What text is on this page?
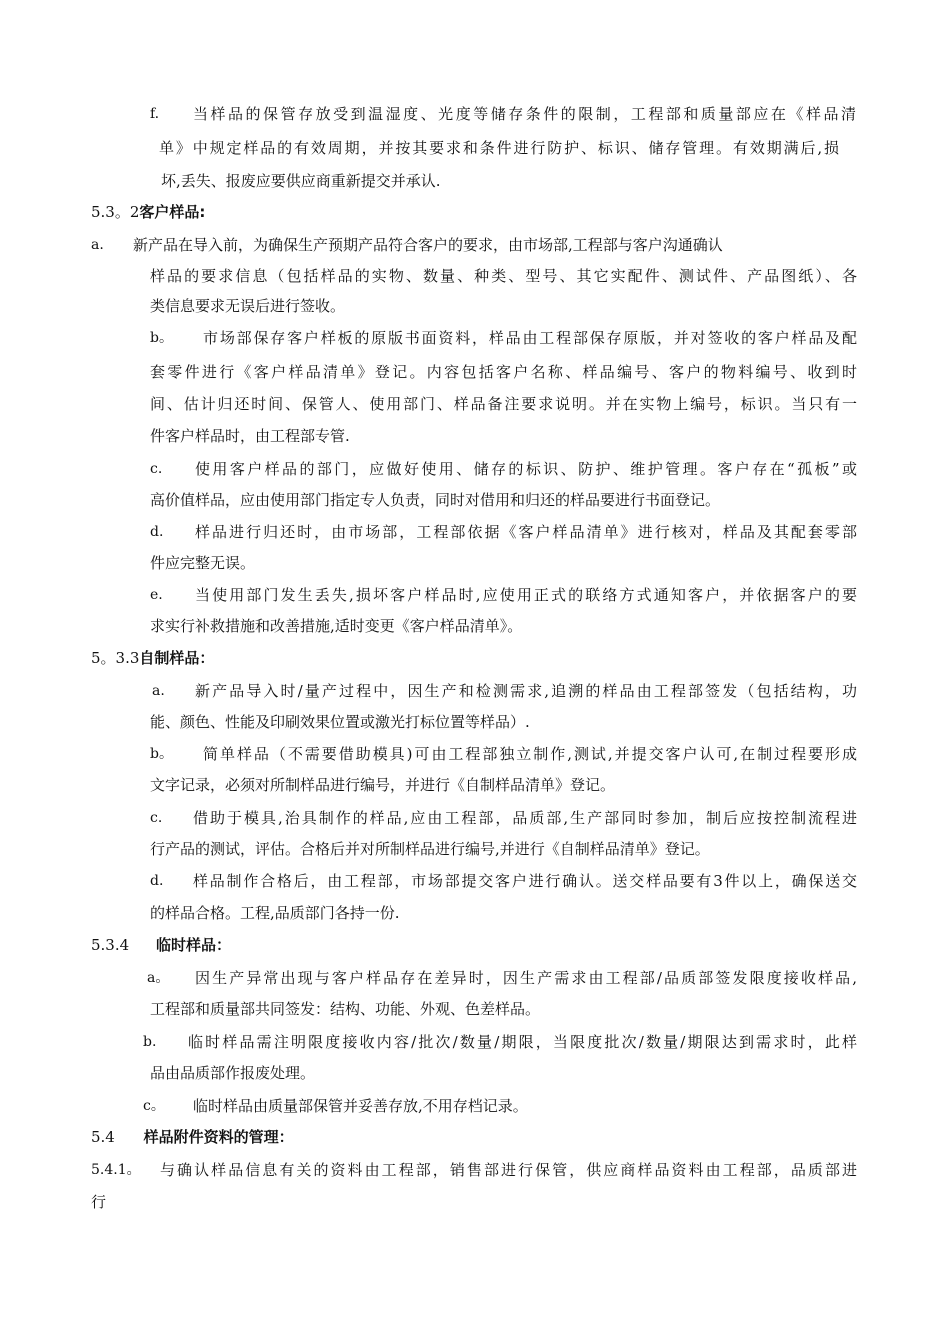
f. 当样品的保管存放受到温湿度、光度等储存条件的限制，工程部和质量部应在《样品清
单》中规定样品的有效周期，并按其要求和条件进行防护、标识、储存管理。有效期满后,损
坏,丢失、报废应要供应商重新提交并承认.
5.3。2客户样品:
a. 新产品在导入前，为确保生产预期产品符合客户的要求，由市场部,工程部与客户沟通确认
样品的要求信息（包括样品的实物、数量、种类、型号、其它实配件、测试件、产品图纸）、各
类信息要求无误后进行签收。
b。 市场部保存客户样板的原版书面资料，样品由工程部保存原版，并对签收的客户样品及配
套零件进行《客户样品清单》登记。内容包括客户名称、样品编号、客户的物料编号、收到时
间、估计归还时间、保管人、使用部门、样品备注要求说明。并在实物上编号，标识。当只有一
件客户样品时，由工程部专管.
c. 使用客户样品的部门，应做好使用、储存的标识、防护、维护管理。客户存在“孤板”或
高价值样品，应由使用部门指定专人负责，同时对借用和归还的样品要进行书面登记。
d. 样品进行归还时，由市场部，工程部依据《客户样品清单》进行核对，样品及其配套零部
件应完整无误。
e. 当使用部门发生丢失,损坏客户样品时,应使用正式的联络方式通知客户，并依据客户的要
求实行补救措施和改善措施,适时变更《客户样品清单》。
5。3.3自制样品：
a. 新产品导入时/量产过程中，因生产和检测需求,追溯的样品由工程部签发（包括结构，功
能、颜色、性能及印刷效果位置或激光打标位置等样品）.
b。 简单样品（不需要借助模具)可由工程部独立制作,测试,并提交客户认可,在制过程要形成
文字记录，必须对所制样品进行编号，并进行《自制样品清单》登记。
c. 借助于模具,治具制作的样品,应由工程部，品质部,生产部同时参加，制后应按控制流程进
行产品的测试，评估。合格后并对所制样品进行编号,并进行《自制样品清单》登记。
d. 样品制作合格后，由工程部，市场部提交客户进行确认。送交样品要有3件以上，确保送交
的样品合格。工程,品质部门各持一份.
5.3.4 临时样品：
a。 因生产异常出现与客户样品存在差异时，因生产需求由工程部/品质部签发限度接收样品,
工程部和质量部共同签发：结构、功能、外观、色差样品。
b. 临时样品需注明限度接收内容/批次/数量/期限，当限度批次/数量/期限达到需求时，此样
品由品质部作报废处理。
c。 临时样品由质量部保管并妥善存放,不用存档记录。
5.4 样品附件资料的管理：
5.4.1。 与确认样品信息有关的资料由工程部，销售部进行保管，供应商样品资料由工程部，品质部进
行
